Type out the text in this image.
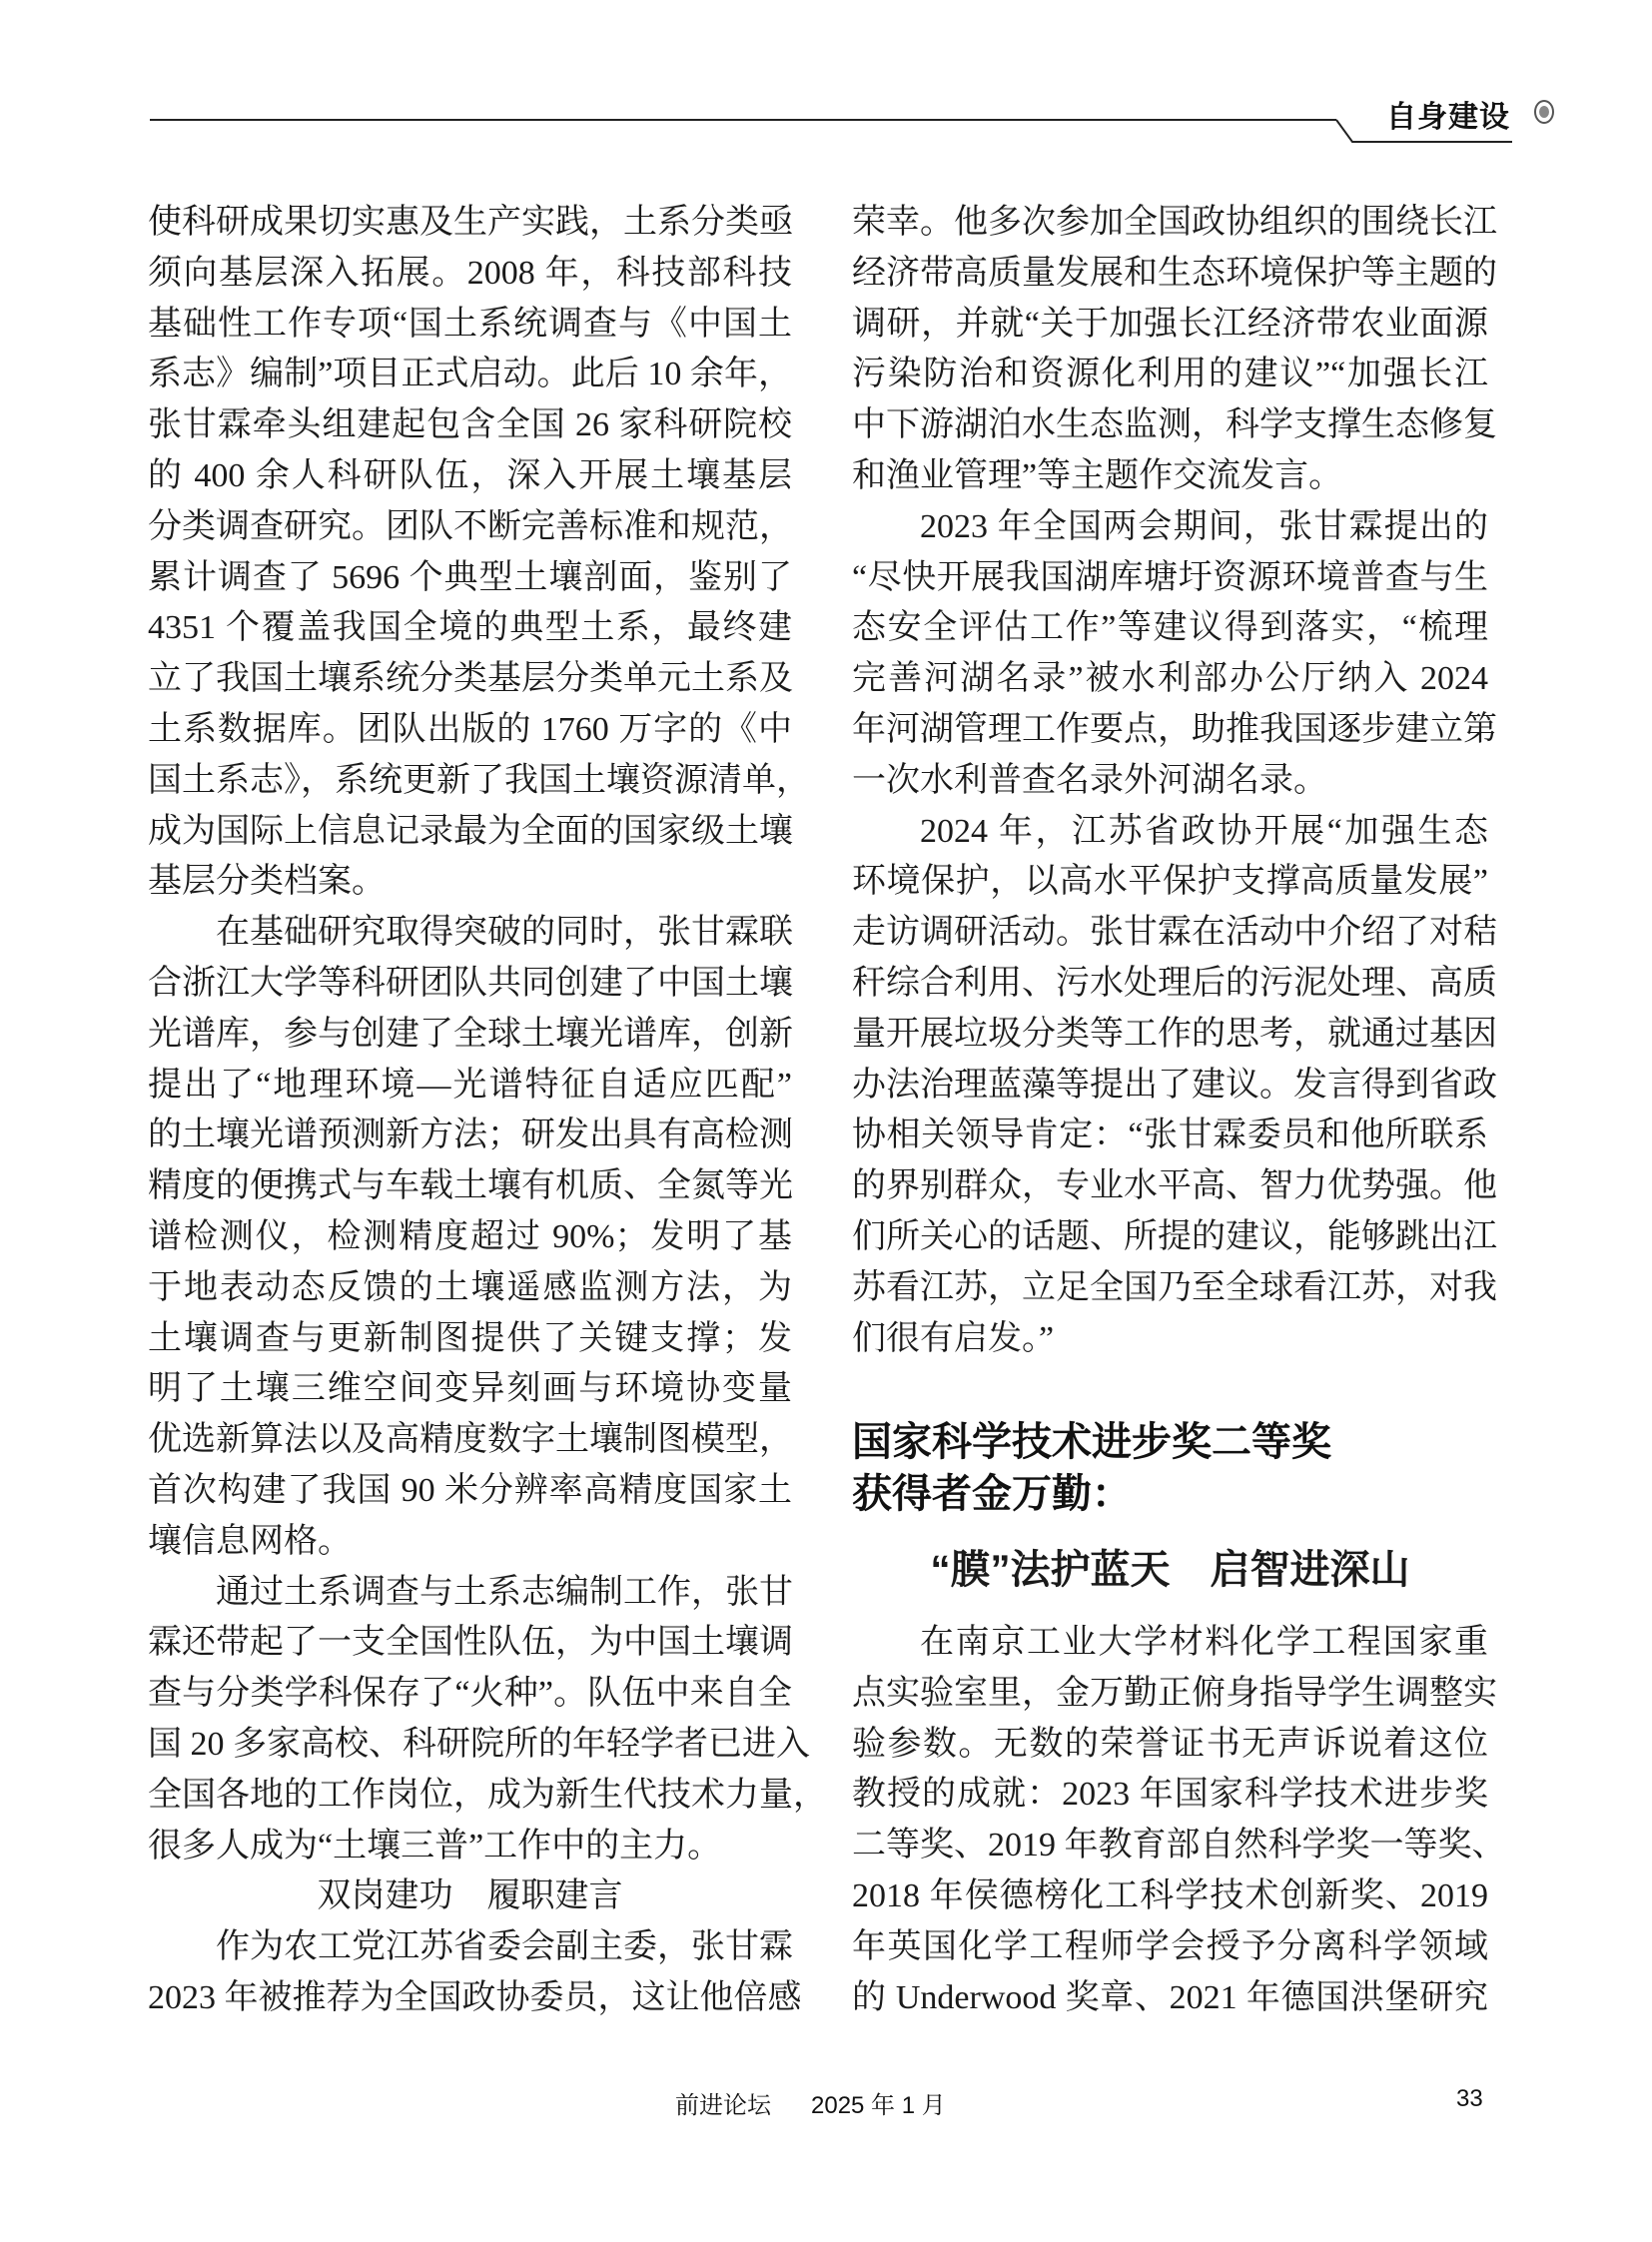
自身建设
使科研成果切实惠及生产实践，土系分类亟
须向基层深入拓展。2008 年，科技部科技
基础性工作专项“国土系统调查与《中国土
系志》编制”项目正式启动。此后 10 余年，
张甘霖牵头组建起包含全国 26 家科研院校
的 400 余人科研队伍，深入开展土壤基层
分类调查研究。团队不断完善标准和规范，
累计调查了 5696 个典型土壤剖面，鉴别了
4351 个覆盖我国全境的典型土系，最终建
立了我国土壤系统分类基层分类单元土系及
土系数据库。团队出版的 1760 万字的《中
国土系志》，系统更新了我国土壤资源清单，
成为国际上信息记录最为全面的国家级土壤
基层分类档案。
在基础研究取得突破的同时，张甘霖联
合浙江大学等科研团队共同创建了中国土壤
光谱库，参与创建了全球土壤光谱库，创新
提出了“地理环境—光谱特征自适应匹配”
的土壤光谱预测新方法；研发出具有高检测
精度的便携式与车载土壤有机质、全氮等光
谱检测仪，检测精度超过 90%；发明了基
于地表动态反馈的土壤遥感监测方法，为
土壤调查与更新制图提供了关键支撑；发
明了土壤三维空间变异刻画与环境协变量
优选新算法以及高精度数字土壤制图模型，
首次构建了我国 90 米分辨率高精度国家土
壤信息网格。
通过土系调查与土系志编制工作，张甘
霖还带起了一支全国性队伍，为中国土壤调
查与分类学科保存了“火种”。队伍中来自全
国 20 多家高校、科研院所的年轻学者已进入
全国各地的工作岗位，成为新生代技术力量，
很多人成为“土壤三普”工作中的主力。
双岗建功　履职建言
作为农工党江苏省委会副主委，张甘霖
2023 年被推荐为全国政协委员，这让他倍感
荣幸。他多次参加全国政协组织的围绕长江
经济带高质量发展和生态环境保护等主题的
调研，并就“关于加强长江经济带农业面源
污染防治和资源化利用的建议”“加强长江
中下游湖泊水生态监测，科学支撑生态修复
和渔业管理”等主题作交流发言。
2023 年全国两会期间，张甘霖提出的
“尽快开展我国湖库塘圩资源环境普查与生
态安全评估工作”等建议得到落实，“梳理
完善河湖名录”被水利部办公厅纳入 2024
年河湖管理工作要点，助推我国逐步建立第
一次水利普查名录外河湖名录。
2024 年，江苏省政协开展“加强生态
环境保护，以高水平保护支撑高质量发展”
走访调研活动。张甘霖在活动中介绍了对秸
秆综合利用、污水处理后的污泥处理、高质
量开展垃圾分类等工作的思考，就通过基因
办法治理蓝藻等提出了建议。发言得到省政
协相关领导肯定：“张甘霖委员和他所联系
的界别群众，专业水平高、智力优势强。他
们所关心的话题、所提的建议，能够跳出江
苏看江苏，立足全国乃至全球看江苏，对我
们很有启发。”
国家科学技术进步奖二等奖
获得者金万勤：
“膜”法护蓝天　启智进深山
在南京工业大学材料化学工程国家重
点实验室里，金万勤正俯身指导学生调整实
验参数。无数的荣誉证书无声诉说着这位
教授的成就：2023 年国家科学技术进步奖
二等奖、2019 年教育部自然科学奖一等奖、
2018 年侯德榜化工科学技术创新奖、2019
年英国化学工程师学会授予分离科学领域
的 Underwood 奖章、2021 年德国洪堡研究
前进论坛 2025 年 1 月	33
